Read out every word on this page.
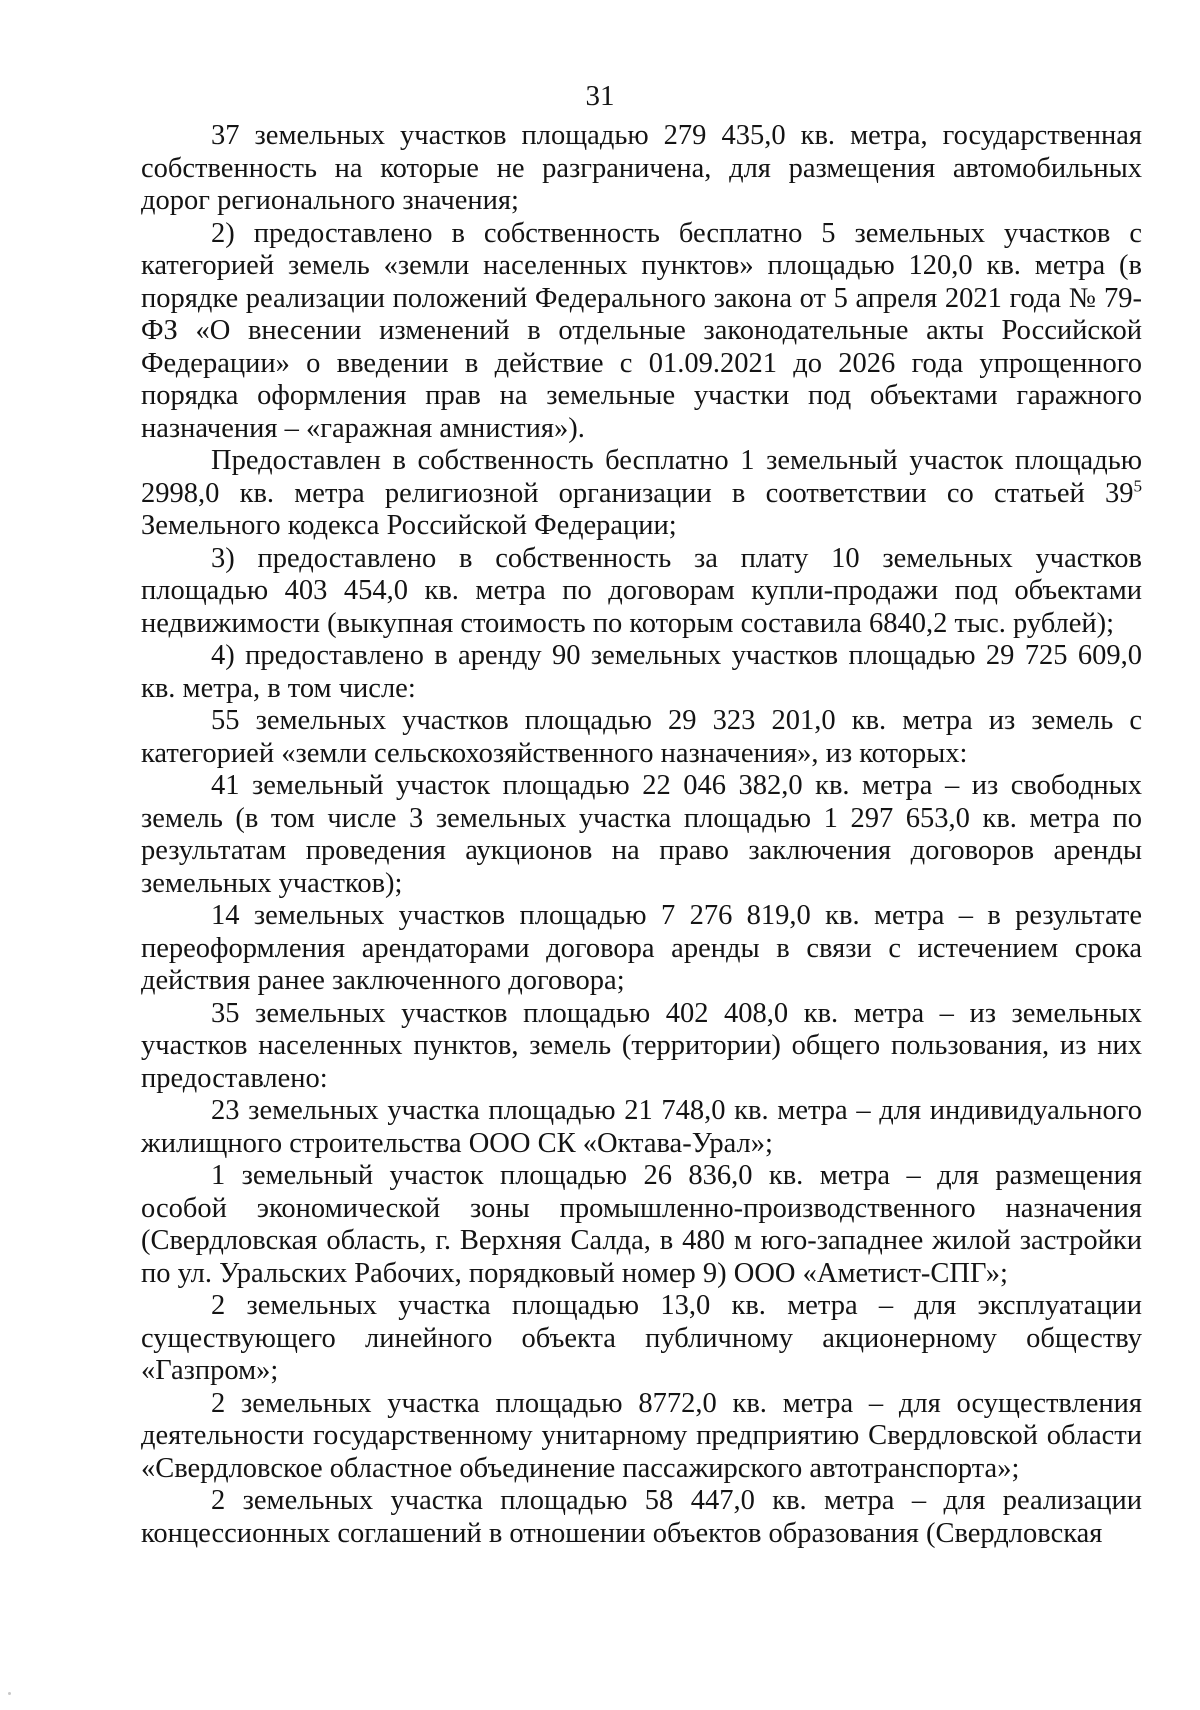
31

37 земельных участков площадью 279 435,0 кв. метра, государственная собственность на которые не разграничена, для размещения автомобильных дорог регионального значения;

2) предоставлено в собственность бесплатно 5 земельных участков с категорией земель «земли населенных пунктов» площадью 120,0 кв. метра (в порядке реализации положений Федерального закона от 5 апреля 2021 года № 79-ФЗ «О внесении изменений в отдельные законодательные акты Российской Федерации» о введении в действие с 01.09.2021 до 2026 года упрощенного порядка оформления прав на земельные участки под объектами гаражного назначения – «гаражная амнистия»).

Предоставлен в собственность бесплатно 1 земельный участок площадью 2998,0 кв. метра религиозной организации в соответствии со статьей $39^5$ Земельного кодекса Российской Федерации;

3) предоставлено в собственность за плату 10 земельных участков площадью 403 454,0 кв. метра по договорам купли-продажи под объектами недвижимости (выкупная стоимость по которым составила 6840,2 тыс. рублей);

4) предоставлено в аренду 90 земельных участков площадью 29 725 609,0 кв. метра, в том числе:

55 земельных участков площадью 29 323 201,0 кв. метра из земель с категорией «земли сельскохозяйственного назначения», из которых:

41 земельный участок площадью 22 046 382,0 кв. метра – из свободных земель (в том числе 3 земельных участка площадью 1 297 653,0 кв. метра по результатам проведения аукционов на право заключения договоров аренды земельных участков);

14 земельных участков площадью 7 276 819,0 кв. метра – в результате переоформления арендаторами договора аренды в связи с истечением срока действия ранее заключенного договора;

35 земельных участков площадью 402 408,0 кв. метра – из земельных участков населенных пунктов, земель (территории) общего пользования, из них предоставлено:

23 земельных участка площадью 21 748,0 кв. метра – для индивидуального жилищного строительства ООО СК «Октава-Урал»;

1 земельный участок площадью 26 836,0 кв. метра – для размещения особой экономической зоны промышленно-производственного назначения (Свердловская область, г. Верхняя Салда, в 480 м юго-западнее жилой застройки по ул. Уральских Рабочих, порядковый номер 9) ООО «Аметист-СПГ»;

2 земельных участка площадью 13,0 кв. метра – для эксплуатации существующего линейного объекта публичному акционерному обществу «Газпром»;

2 земельных участка площадью 8772,0 кв. метра – для осуществления деятельности государственному унитарному предприятию Свердловской области «Свердловское областное объединение пассажирского автотранспорта»;

2 земельных участка площадью 58 447,0 кв. метра – для реализации концессионных соглашений в отношении объектов образования (Свердловская
